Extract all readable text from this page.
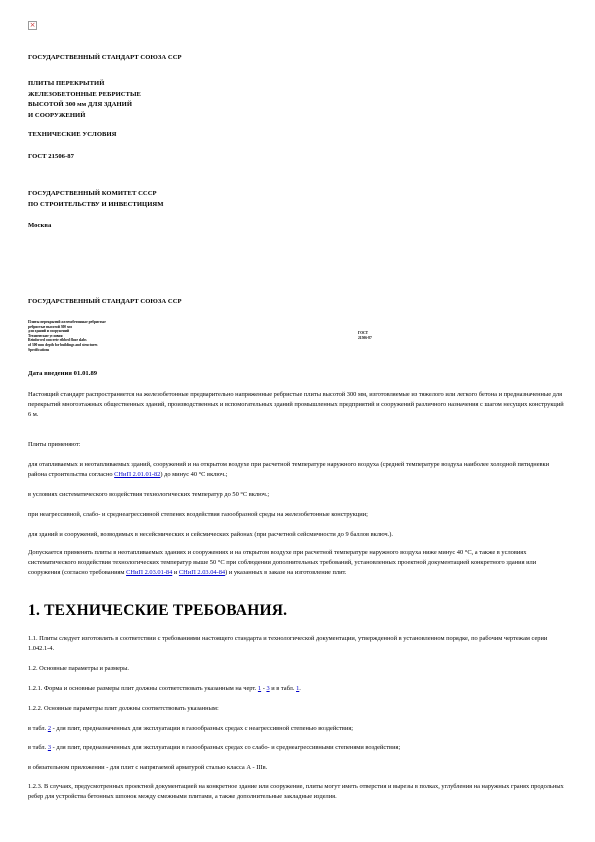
×
ГОСУДАРСТВЕННЫЙ СТАНДАРТ СОЮЗА ССР
ПЛИТЫ ПЕРЕКРЫТИЙ
ЖЕЛЕЗОБЕТОННЫЕ РЕБРИСТЫЕ
ВЫСОТОЙ 300 мм ДЛЯ ЗДАНИЙ
И СООРУЖЕНИЙ
ТЕХНИЧЕСКИЕ УСЛОВИЯ
ГОСТ 21506-87
ГОСУДАРСТВЕННЫЙ КОМИТЕТ СССР
ПО СТРОИТЕЛЬСТВУ И ИНВЕСТИЦИЯМ
Москва
ГОСУДАРСТВЕННЫЙ СТАНДАРТ СОЮЗА ССР
Плиты перекрытий железобетонные ребристые
ребристые высотой 300 мм
для зданий и сооружений
Технические условия
Reinforced concrete ribbed floor slabs
of 300 mm depth for buildings and structures
Specifications
ГОСТ
21506-87
Дата введения 01.01.89
Настоящий стандарт распространяется на железобетонные предварительно напряженные ребристые плиты высотой 300 мм, изготовляемые из тяжелого или легкого бетона и предназначенные для перекрытий многоэтажных общественных зданий, производственных и вспомогательных зданий промышленных предприятий и сооружений различного назначения с шагом несущих конструкций 6 м.
Плиты применяют:
для отапливаемых и неотапливаемых зданий, сооружений и на открытом воздухе при расчетной температуре наружного воздуха (средней температуре воздуха наиболее холодной пятидневки района строительства согласно СНиП 2.01.01-82) до минус 40 °С включ.;
в условиях систематического воздействия технологических температур до 50 °С включ.;
при неагрессивной, слабо- и среднеагрессивной степенях воздействия газообразной среды на железобетонные конструкции;
для зданий и сооружений, возводимых в несейсмических и сейсмических районах (при расчетной сейсмичности до 9 баллов включ.).
Допускается применять плиты в неотапливаемых зданиях и сооружениях и на открытом воздухе при расчетной температуре наружного воздуха ниже минус 40 °С, а также в условиях систематического воздействия технологических температур выше 50 °С при соблюдении дополнительных требований, установленных проектной документацией конкретного здания или сооружения (согласно требованиям СНиП 2.03.01-84 и СНиП 2.03.04-84) и указанных в заказе на изготовление плит.
1. ТЕХНИЧЕСКИЕ ТРЕБОВАНИЯ.
1.1. Плиты следует изготовлять в соответствии с требованиями настоящего стандарта и технологической документации, утвержденной в установленном порядке, по рабочим чертежам серии 1.042.1-4.
1.2. Основные параметры и размеры.
1.2.1. Форма и основные размеры плит должны соответствовать указанным на черт. 1 - 3 и в табл. 1.
1.2.2. Основные параметры плит должны соответствовать указанным:
в табл. 2 - для плит, предназначенных для эксплуатации в газообразных средах с неагрессивной степенью воздействия;
в табл. 3 - для плит, предназначенных для эксплуатации в газообразных средах со слабо- и среднеагрессивными степенями воздействия;
в обязательном приложении - для плит с напрягаемой арматурой сталью класса А - IIIв.
1.2.3. В случаях, предусмотренных проектной документацией на конкретное здание или сооружение, плиты могут иметь отверстия и вырезы в полках, углубления на наружных гранях продольных ребер для устройства бетонных шпонок между смежными плитами, а также дополнительные закладные изделия.
